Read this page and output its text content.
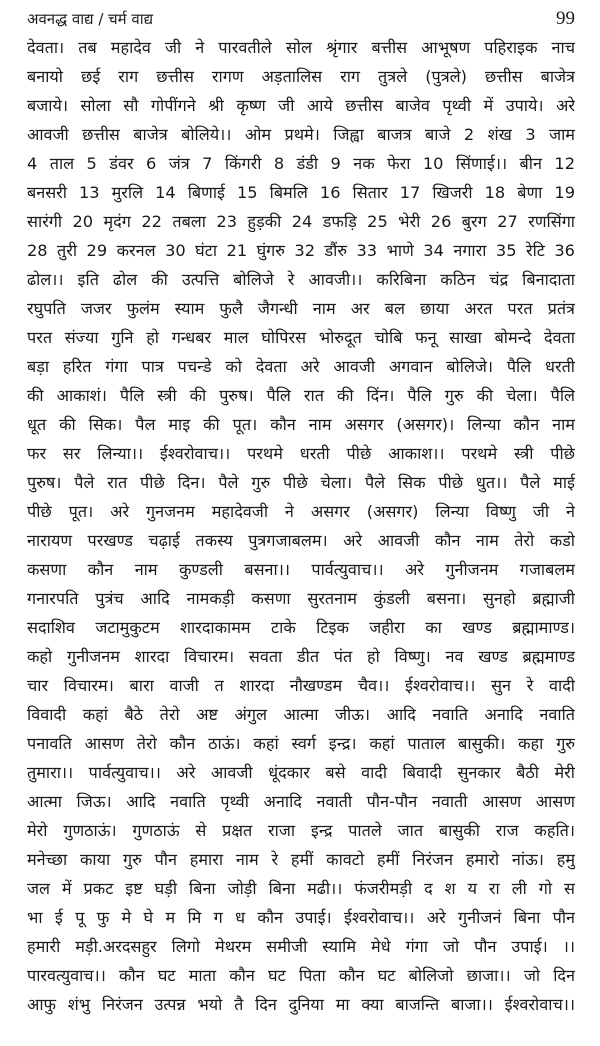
अवनद्ध वाद्य / चर्म वाद्य	99
देवता। तब महादेव जी ने पारवतीले सोल श्रृंगार बत्तीस आभूषण पहिराइक नाच
बनायो छई राग छत्तीस रागण अड़तालिस राग तुत्रले (पुत्रले) छत्तीस बाजेत्र
बजाये। सोला सौ गोपींगने श्री कृष्ण जी आये छत्तीस बाजेव पृथ्वी में उपाये। अरे
आवजी छत्तीस बाजेत्र बोलिये।। ओम प्रथमे। जिह्वा बाजत्र बाजे 2 शंख 3 जाम
4 ताल 5 डंवर 6 जंत्र 7 किंगरी 8 डंडी 9 नक फेरा 10 सिंणाई।। बीन 12
बनसरी 13 मुरलि 14 बिणाई 15 बिमलि 16 सितार 17 खिजरी 18 बेणा 19
सारंगी 20 मृदंग 22 तबला 23 हुड़की 24 डफड़ि 25 भेरी 26 बुरग 27 रणसिंगा
28 तुरी 29 करनल 30 घंटा 21 घुंगरु 32 डौंरु 33 भाणे 34 नगारा 35 रेटि 36
ढोल।। इति ढोल की उत्पत्ति बोलिजे रे आवजी।। करिबिना कठिन चंद्र बिनादाता
रघुपति जजर फुलंम स्याम फुलै जैगन्धी नाम अर बल छाया अरत परत प्रतंत्र
परत संज्या गुनि हो गन्धबर माल घोपिरस भोरुदूत चोबि फनू साखा बोमन्दे देवता
बड़ा हरित गंगा पात्र पचन्डे को देवता अरे आवजी अगवान बोलिजे। पैलि धरती
की आकाशं। पैलि स्त्री की पुरुष। पैलि रात की दिंन। पैलि गुरु की चेला। पैलि
धूत की सिक। पैल माइ की पूत। कौन नाम असगर (असगर)। लिन्या कौन नाम
फर सर लिन्या।। ईश्वरोवाच।। परथमे धरती पीछे आकाश।। परथमे स्त्री पीछे
पुरुष। पैले रात पीछे दिन। पैले गुरु पीछे चेला। पैले सिक पीछे धुत।। पैले माई
पीछे पूत। अरे गुनजनम महादेवजी ने असगर (असगर) लिन्या विष्णु जी ने
नारायण परखण्ड चढ़ाई तकस्य पुत्रगजाबलम। अरे आवजी कौन नाम तेरो कडो
कसणा कौन नाम कुण्डली बसना।। पार्वत्युवाच।। अरे गुनीजनम गजाबलम
गनारपति पुत्रंच आदि नामकड़ी कसणा सुरतनाम कुंडली बसना। सुनहो ब्रह्माजी
सदाशिव जटामुकुटम शारदाकामम टाके टिइक जहीरा का खण्ड ब्रह्मामाण्ड।
कहो गुनीजनम शारदा विचारम। सवता डीत पंत हो विष्णु। नव खण्ड ब्रह्ममाण्ड
चार विचारम। बारा वाजी त शारदा नौखण्डम चैव।। ईश्वरोवाच।। सुन रे वादी
विवादी कहां बैठे तेरो अष्ट अंगुल आत्मा जीऊ। आदि नवाति अनादि नवाति
पनावति आसण तेरो कौन ठाऊं। कहां स्वर्ग इन्द्र। कहां पाताल बासुकी। कहा गुरु
तुमारा।। पार्वत्युवाच।। अरे आवजी धूंदकार बसे वादी बिवादी सुनकार बैठी मेरी
आत्मा जिऊ। आदि नवाति पृथ्वी अनादि नवाती पौन-पौन नवाती आसण आसण
मेरो गुणठाऊं। गुणठाऊं से प्रक्षत राजा इन्द्र पातले जात बासुकी राज कहति।
मनेच्छा काया गुरु पौन हमारा नाम रे हमीं कावटो हमीं निरंजन हमारो नांऊ। हमु
जल में प्रकट इष्ट घड़ी बिना जोड़ी बिना मढी।। फंजरीमड़ी द श य रा ली गो स
भा ई पू फु मे घे म मि ग ध कौन उपाई। ईश्वरोवाच।। अरे गुनीजनं बिना पौन
हमारी मड़ी.अरदसहुर लिगो मेथरम समीजी स्यामि मेधे गंगा जो पौन उपाई। ।।
पारवत्युवाच।। कौन घट माता कौन घट पिता कौन घट बोलिजो छाजा।। जो दिन
आफु शंभु निरंजन उत्पन्न भयो तै दिन दुनिया मा क्या बाजन्ति बाजा।। ईश्वरोवाच।।
